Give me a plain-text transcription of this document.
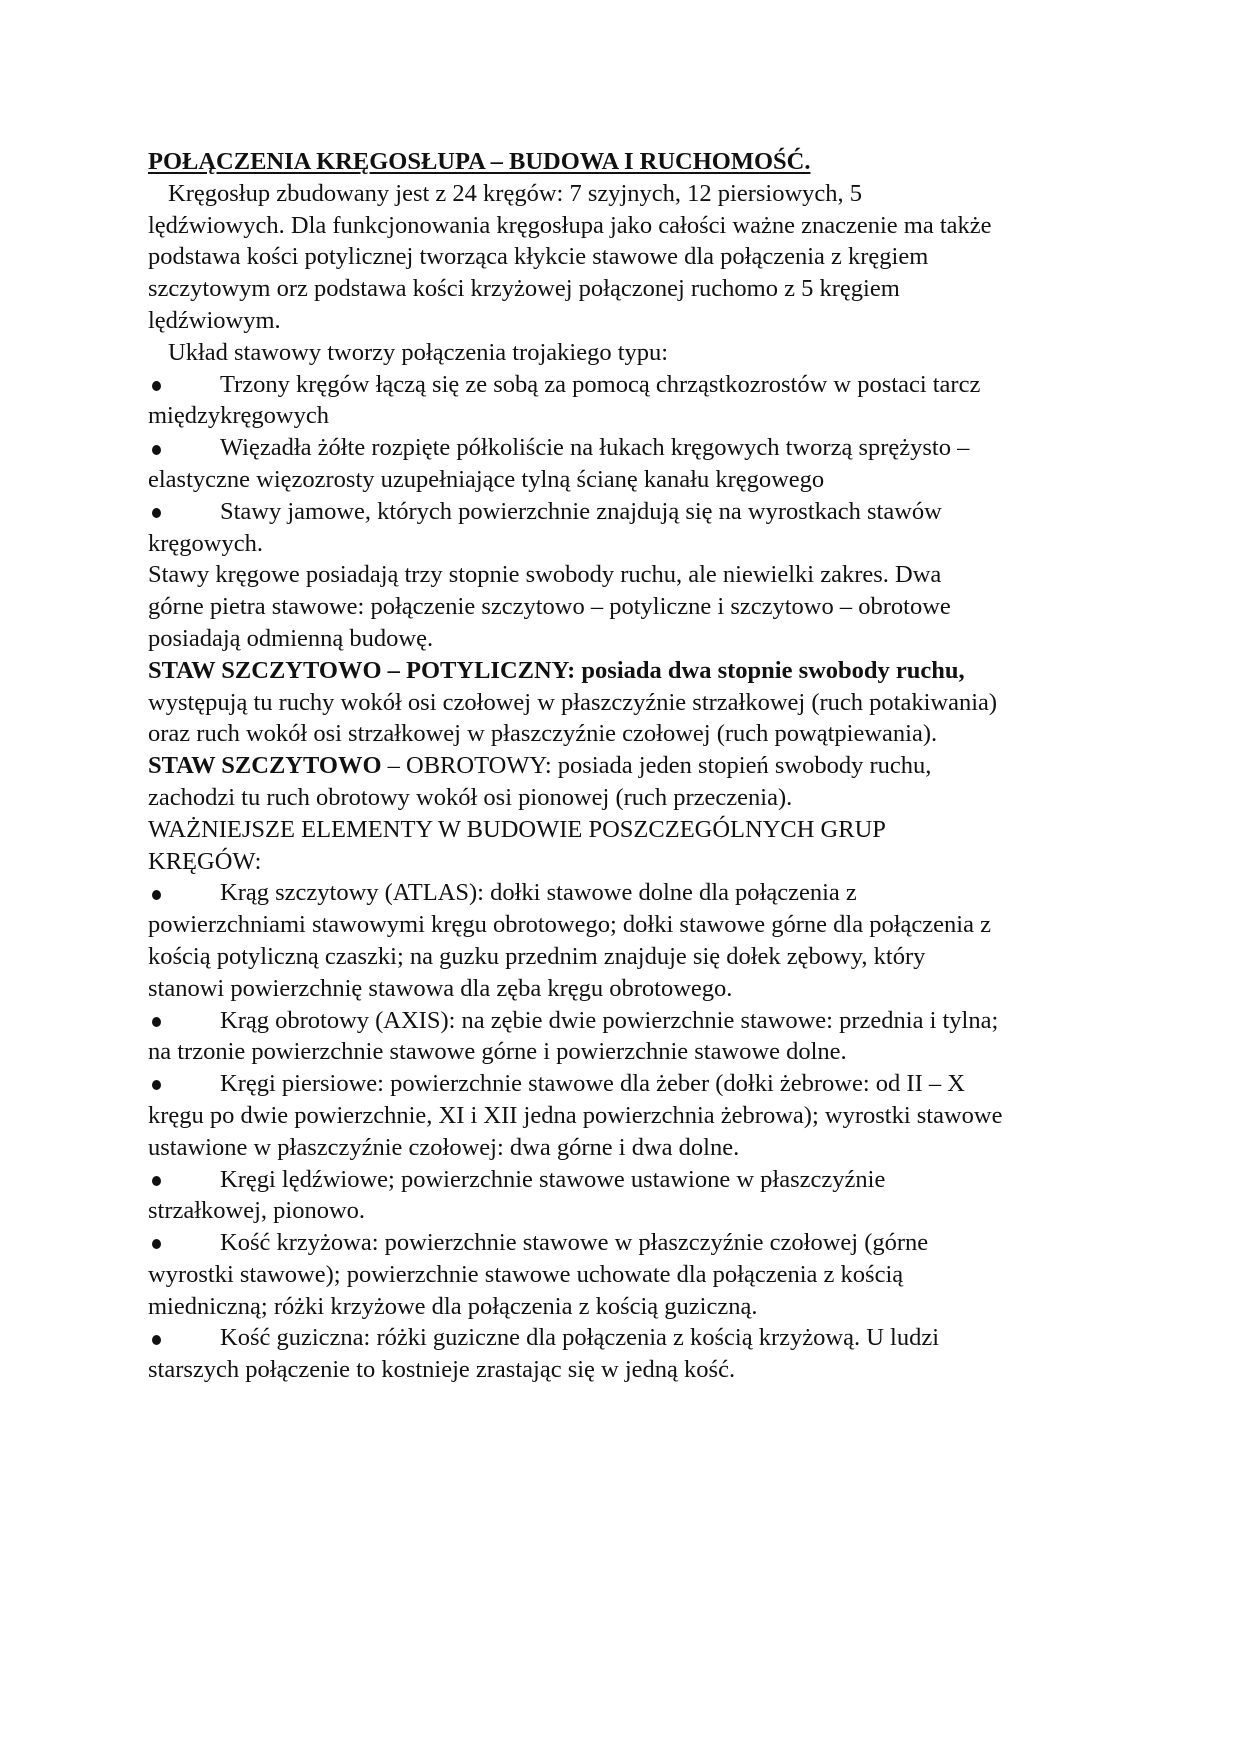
POŁĄCZENIA KRĘGOSŁUPA – BUDOWA I RUCHOMOŚĆ.
Kręgosłup zbudowany jest z 24 kręgów: 7 szyjnych, 12 piersiowych, 5
lędźwiowych. Dla funkcjonowania kręgosłupa jako całości ważne znaczenie ma także
podstawa kości potylicznej tworząca kłykcie stawowe dla połączenia z kręgiem
szczytowym orz podstawa kości krzyżowej połączonej ruchomo z 5 kręgiem
lędźwiowym.
Układ stawowy tworzy połączenia trojakiego typu:
Trzony kręgów łączą się ze sobą za pomocą chrząstkozrostów w postaci tarcz
międzykręgowych
Więzadła żółte rozpięte półkoliście na łukach kręgowych tworzą sprężysto –
elastyczne więzozrosty uzupełniające tylną ścianę kanału kręgowego
Stawy jamowe, których powierzchnie znajdują się na wyrostkach stawów
kręgowych.
Stawy kręgowe posiadają trzy stopnie swobody ruchu, ale niewielki zakres. Dwa
górne pietra stawowe: połączenie szczytowo – potyliczne i szczytowo – obrotowe
posiadają odmienną budowę.
STAW SZCZYTOWO – POTYLICZNY: posiada dwa stopnie swobody ruchu,
występują tu ruchy wokół osi czołowej w płaszczyźnie strzałkowej (ruch potakiwania)
oraz ruch wokół osi strzałkowej w płaszczyźnie czołowej (ruch powątpiewania).
STAW SZCZYTOWO – OBROTOWY: posiada jeden stopień swobody ruchu,
zachodzi tu ruch obrotowy wokół osi pionowej (ruch przeczenia).
WAŻNIEJSZE ELEMENTY W BUDOWIE POSZCZEGÓLNYCH GRUP
KRĘGÓW:
Krąg szczytowy (ATLAS): dołki stawowe dolne dla połączenia z
powierzchniami stawowymi kręgu obrotowego; dołki stawowe górne dla połączenia z
kością potyliczną czaszki; na guzku przednim znajduje się dołek zębowy, który
stanowi powierzchnię stawowa dla zęba kręgu obrotowego.
Krąg obrotowy (AXIS): na zębie dwie powierzchnie stawowe: przednia i tylna;
na trzonie powierzchnie stawowe górne i powierzchnie stawowe dolne.
Kręgi piersiowe: powierzchnie stawowe dla żeber (dołki żebrowe: od II – X
kręgu po dwie powierzchnie, XI i XII jedna powierzchnia żebrowa); wyrostki stawowe
ustawione w płaszczyźnie czołowej: dwa górne i dwa dolne.
Kręgi lędźwiowe; powierzchnie stawowe ustawione w płaszczyźnie
strzałkowej, pionowo.
Kość krzyżowa: powierzchnie stawowe w płaszczyźnie czołowej (górne
wyrostki stawowe); powierzchnie stawowe uchowate dla połączenia z kością
miedniczną; różki krzyżowe dla połączenia z kością guziczną.
Kość guziczna: różki guziczne dla połączenia z kością krzyżową. U ludzi
starszych połączenie to kostnieje zrastając się w jedną kość.
